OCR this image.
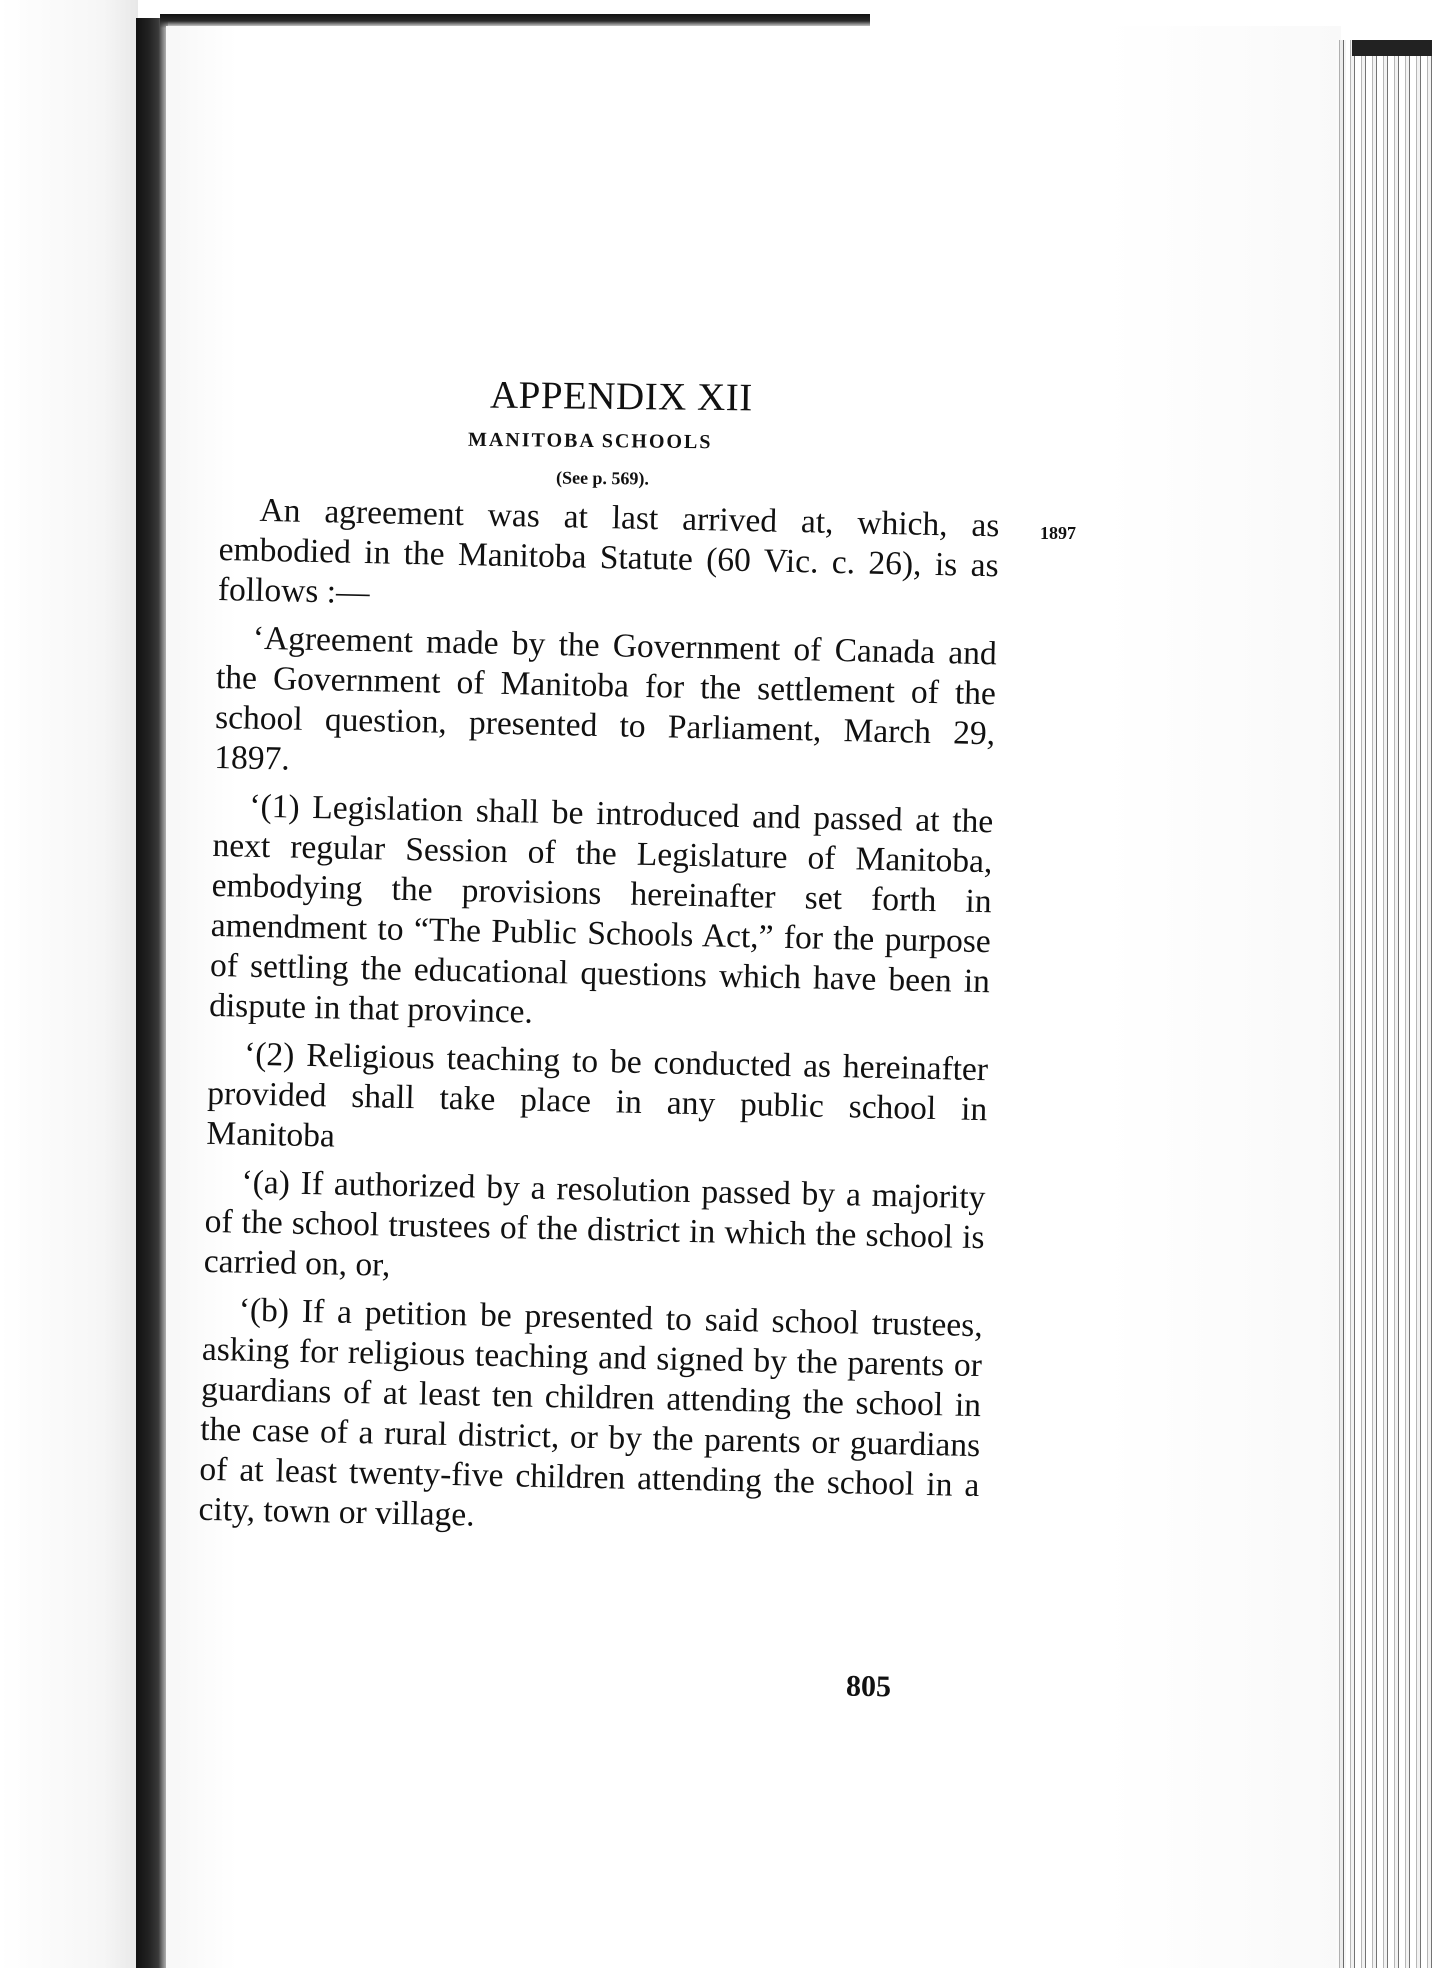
APPENDIX XII
MANITOBA SCHOOLS
(See p. 569).
1897

An agreement was at last arrived at, which, as embodied in the Manitoba Statute (60 Vic. c. 26), is as follows :—

‘Agreement made by the Government of Canada and the Government of Manitoba for the settlement of the school question, presented to Parliament, March 29, 1897.

‘(1) Legislation shall be introduced and passed at the next regular Session of the Legislature of Manitoba, embodying the provisions hereinafter set forth in amendment to “The Public Schools Act,” for the purpose of settling the educational questions which have been in dispute in that province.

‘(2) Religious teaching to be conducted as hereinafter provided shall take place in any public school in Manitoba

‘(a) If authorized by a resolution passed by a majority of the school trustees of the district in which the school is carried on, or,

‘(b) If a petition be presented to said school trustees, asking for religious teaching and signed by the parents or guardians of at least ten children attending the school in the case of a rural district, or by the parents or guardians of at least twenty-five children attending the school in a city, town or village.

805
